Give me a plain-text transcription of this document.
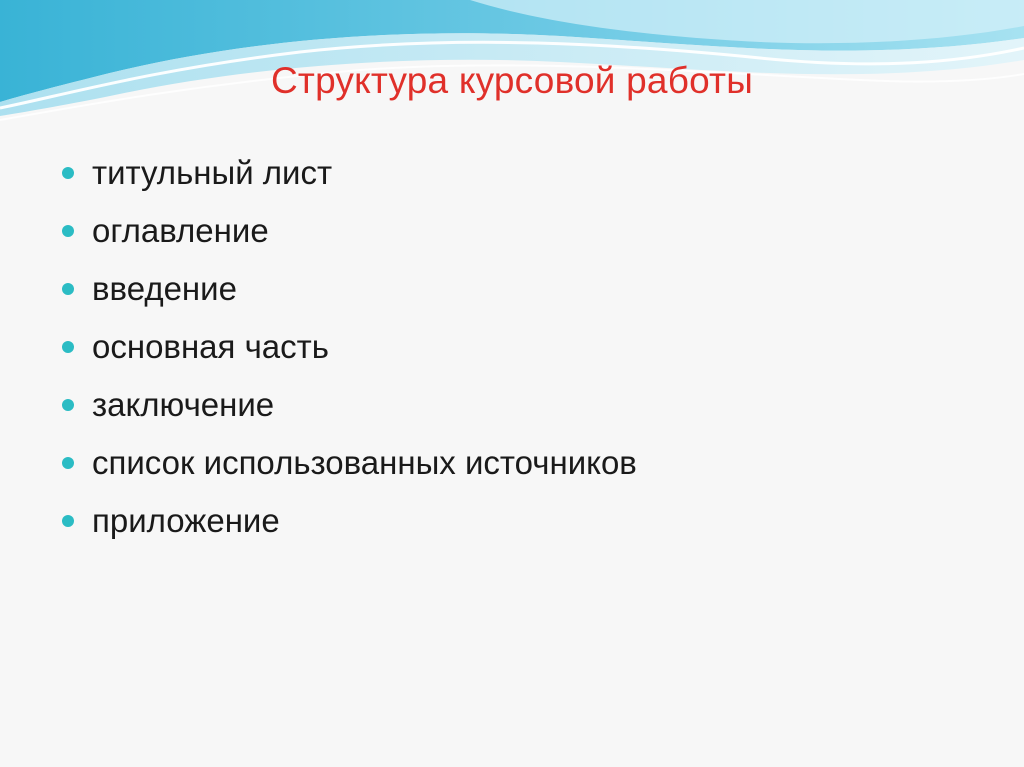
Структура курсовой работы
титульный лист
оглавление
введение
основная часть
заключение
список использованных источников
приложение
